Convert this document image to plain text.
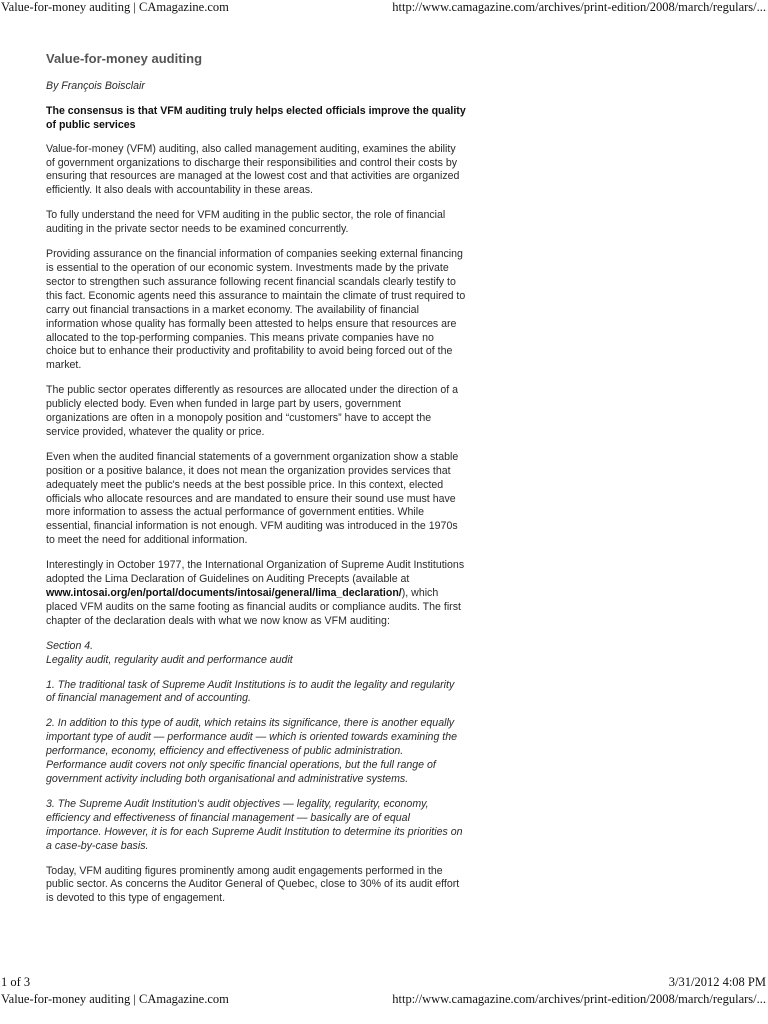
Value-for-money auditing | CAmagazine.com	http://www.camagazine.com/archives/print-edition/2008/march/regulars/...
Value-for-money auditing
By François Boisclair
The consensus is that VFM auditing truly helps elected officials improve the quality of public services

Value-for-money (VFM) auditing, also called management auditing, examines the ability of government organizations to discharge their responsibilities and control their costs by ensuring that resources are managed at the lowest cost and that activities are organized efficiently. It also deals with accountability in these areas.

To fully understand the need for VFM auditing in the public sector, the role of financial auditing in the private sector needs to be examined concurrently.

Providing assurance on the financial information of companies seeking external financing is essential to the operation of our economic system. Investments made by the private sector to strengthen such assurance following recent financial scandals clearly testify to this fact. Economic agents need this assurance to maintain the climate of trust required to carry out financial transactions in a market economy. The availability of financial information whose quality has formally been attested to helps ensure that resources are allocated to the top-performing companies. This means private companies have no choice but to enhance their productivity and profitability to avoid being forced out of the market.

The public sector operates differently as resources are allocated under the direction of a publicly elected body. Even when funded in large part by users, government organizations are often in a monopoly position and “customers” have to accept the service provided, whatever the quality or price.

Even when the audited financial statements of a government organization show a stable position or a positive balance, it does not mean the organization provides services that adequately meet the public's needs at the best possible price. In this context, elected officials who allocate resources and are mandated to ensure their sound use must have more information to assess the actual performance of government entities. While essential, financial information is not enough. VFM auditing was introduced in the 1970s to meet the need for additional information.

Interestingly in October 1977, the International Organization of Supreme Audit Institutions adopted the Lima Declaration of Guidelines on Auditing Precepts (available at www.intosai.org/en/portal/documents/intosai/general/lima_declaration/), which placed VFM audits on the same footing as financial audits or compliance audits. The first chapter of the declaration deals with what we now know as VFM auditing:

Section 4.
Legality audit, regularity audit and performance audit

1. The traditional task of Supreme Audit Institutions is to audit the legality and regularity of financial management and of accounting.

2. In addition to this type of audit, which retains its significance, there is another equally important type of audit — performance audit — which is oriented towards examining the performance, economy, efficiency and effectiveness of public administration. Performance audit covers not only specific financial operations, but the full range of government activity including both organisational and administrative systems.

3. The Supreme Audit Institution's audit objectives — legality, regularity, economy, efficiency and effectiveness of financial management — basically are of equal importance. However, it is for each Supreme Audit Institution to determine its priorities on a case-by-case basis.

Today, VFM auditing figures prominently among audit engagements performed in the public sector. As concerns the Auditor General of Quebec, close to 30% of its audit effort is devoted to this type of engagement.

1 of 3	3/31/2012 4:08 PM
Value-for-money auditing | CAmagazine.com	http://www.camagazine.com/archives/print-edition/2008/march/regulars/...
